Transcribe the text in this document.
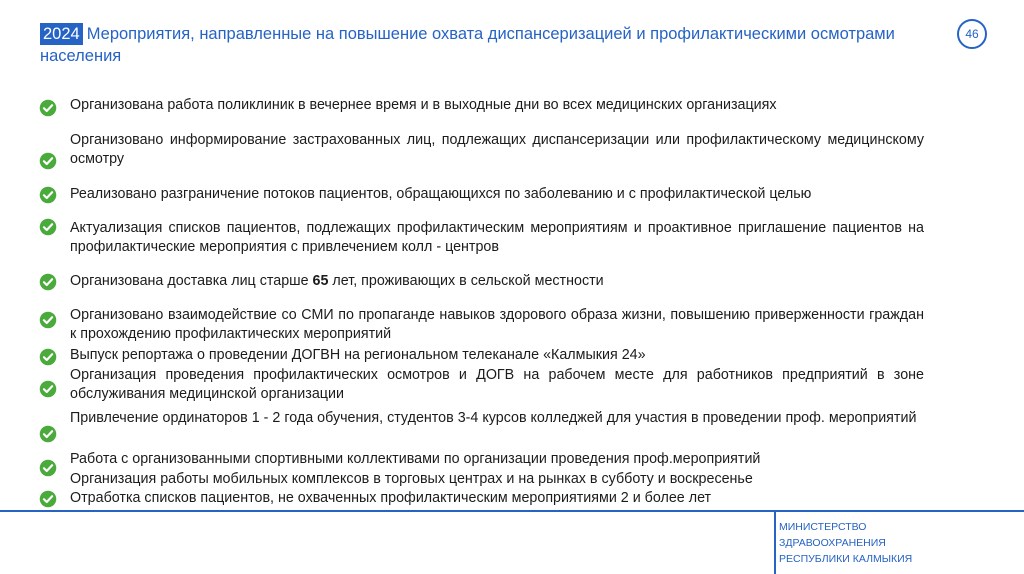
2024 Мероприятия, направленные на повышение охвата диспансеризацией и профилактическими осмотрами населения
46
Организована работа поликлиник в вечернее время и в выходные дни во всех медицинских организациях
Организовано информирование застрахованных лиц, подлежащих диспансеризации или профилактическому медицинскому осмотру
Реализовано разграничение потоков пациентов, обращающихся по заболеванию и с профилактической целью
Актуализация списков пациентов, подлежащих профилактическим мероприятиям и проактивное приглашение пациентов на профилактические мероприятия с привлечением колл - центров
Организована доставка лиц старше 65 лет, проживающих в сельской местности
Организовано взаимодействие со СМИ по пропаганде навыков здорового образа жизни, повышению приверженности граждан к прохождению профилактических мероприятий
Выпуск репортажа о проведении ДОГВН на региональном телеканале «Калмыкия 24»
Организация проведения профилактических осмотров и ДОГВ на рабочем месте для работников предприятий в зоне обслуживания медицинской организации
Привлечение ординаторов 1 - 2 года обучения, студентов 3-4 курсов колледжей для участия в проведении проф. мероприятий
Работа с организованными спортивными коллективами по организации проведения проф.мероприятий
Организация работы мобильных комплексов в торговых центрах и на рынках в субботу и воскресенье
Отработка списков пациентов, не охваченных профилактическим мероприятиями 2 и более лет
МИНИСТЕРСТВО
ЗДРАВООХРАНЕНИЯ
РЕСПУБЛИКИ КАЛМЫКИЯ
